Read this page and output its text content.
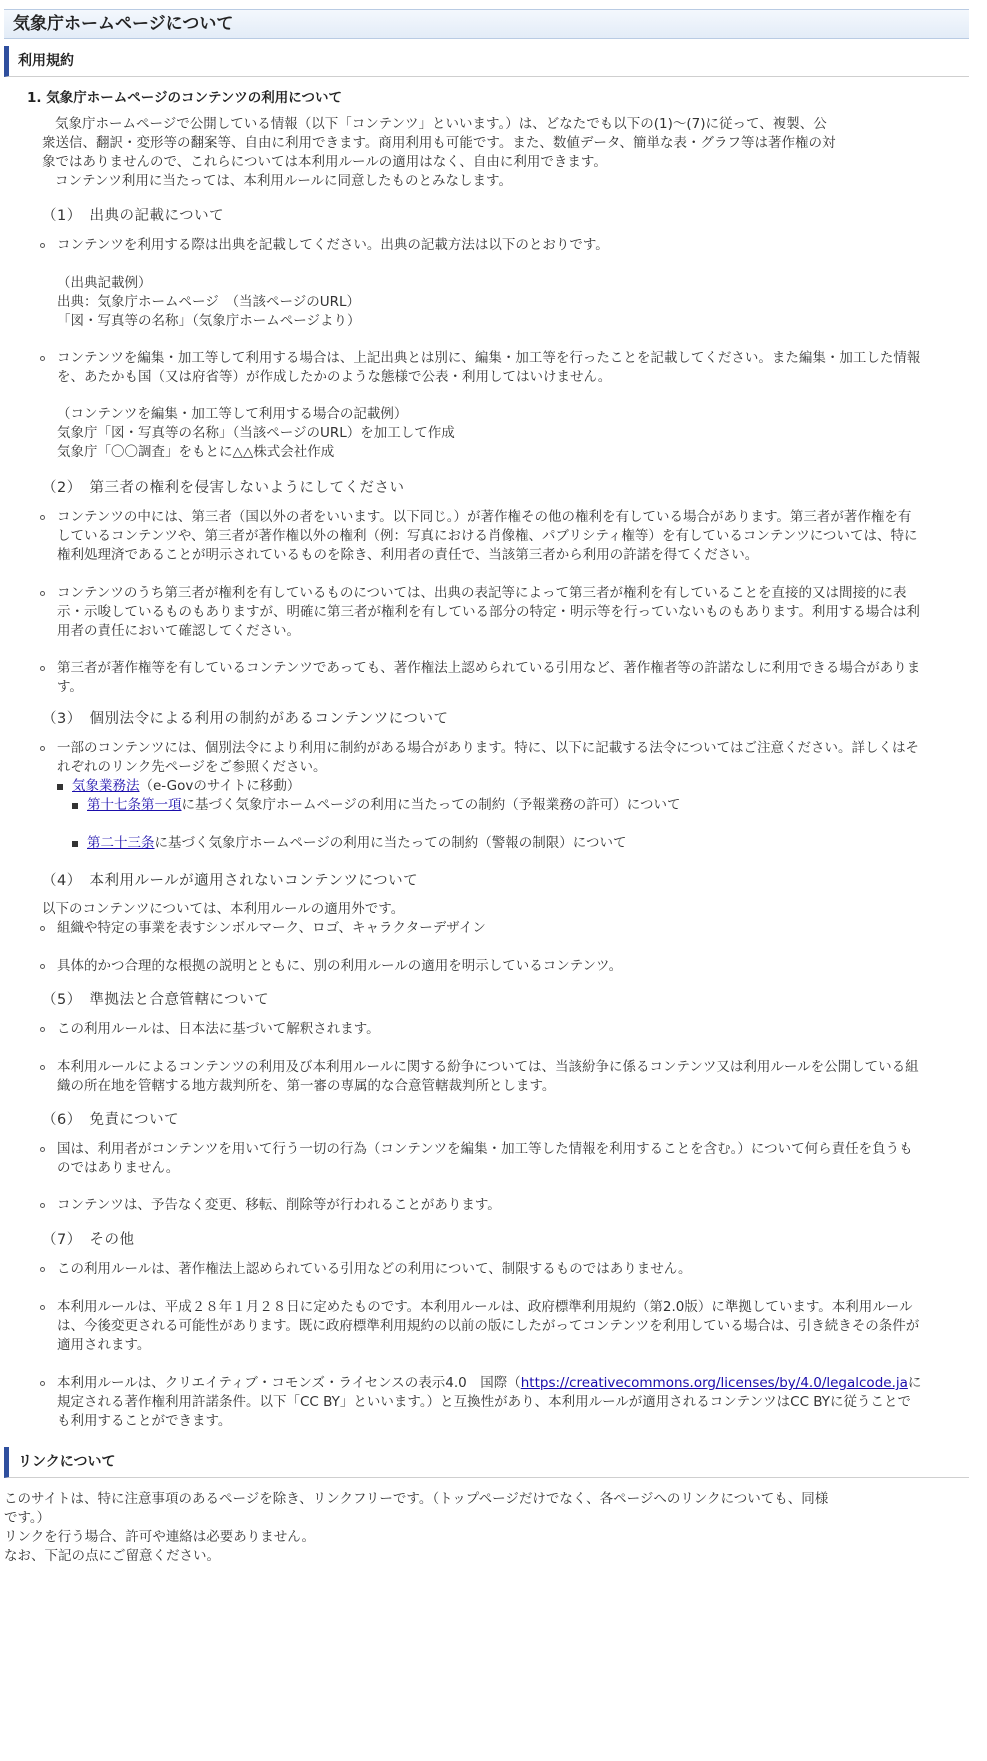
気象庁ホームページについて
利用規約
1. 気象庁ホームページのコンテンツの利用について
気象庁ホームページで公開している情報（以下「コンテンツ」といいます。）は、どなたでも以下の(1)〜(7)に従って、複製、公
衆送信、翻訳・変形等の翻案等、自由に利用できます。商用利用も可能です。また、数値データ、簡単な表・グラフ等は著作権の対
象ではありませんので、これらについては本利用ルールの適用はなく、自由に利用できます。
コンテンツ利用に当たっては、本利用ルールに同意したものとみなします。
（1）　出典の記載について
コンテンツを利用する際は出典を記載してください。出典の記載方法は以下のとおりです。
（出典記載例）
出典：気象庁ホームページ　（当該ページのURL）
「図・写真等の名称」（気象庁ホームページより）
コンテンツを編集・加工等して利用する場合は、上記出典とは別に、編集・加工等を行ったことを記載してください。また編集・加工した情報
を、あたかも国（又は府省等）が作成したかのような態様で公表・利用してはいけません。
（コンテンツを編集・加工等して利用する場合の記載例）
気象庁「図・写真等の名称」（当該ページのURL）を加工して作成
気象庁「〇〇調査」をもとに△△株式会社作成
（2）　第三者の権利を侵害しないようにしてください
コンテンツの中には、第三者（国以外の者をいいます。以下同じ。）が著作権その他の権利を有している場合があります。第三者が著作権を有
しているコンテンツや、第三者が著作権以外の権利（例：写真における肖像権、パブリシティ権等）を有しているコンテンツについては、特に
権利処理済であることが明示されているものを除き、利用者の責任で、当該第三者から利用の許諾を得てください。
コンテンツのうち第三者が権利を有しているものについては、出典の表記等によって第三者が権利を有していることを直接的又は間接的に表
示・示唆しているものもありますが、明確に第三者が権利を有している部分の特定・明示等を行っていないものもあります。利用する場合は利
用者の責任において確認してください。
第三者が著作権等を有しているコンテンツであっても、著作権法上認められている引用など、著作権者等の許諾なしに利用できる場合がありま
す。
（3）　個別法令による利用の制約があるコンテンツについて
一部のコンテンツには、個別法令により利用に制約がある場合があります。特に、以下に記載する法令についてはご注意ください。詳しくはそ
れぞれのリンク先ページをご参照ください。
気象業務法（e-Govのサイトに移動）
第十七条第一項に基づく気象庁ホームページの利用に当たっての制約（予報業務の許可）について
第二十三条に基づく気象庁ホームページの利用に当たっての制約（警報の制限）について
（4）　本利用ルールが適用されないコンテンツについて
以下のコンテンツについては、本利用ルールの適用外です。
組織や特定の事業を表すシンボルマーク、ロゴ、キャラクターデザイン
具体的かつ合理的な根拠の説明とともに、別の利用ルールの適用を明示しているコンテンツ。
（5）　準拠法と合意管轄について
この利用ルールは、日本法に基づいて解釈されます。
本利用ルールによるコンテンツの利用及び本利用ルールに関する紛争については、当該紛争に係るコンテンツ又は利用ルールを公開している組
織の所在地を管轄する地方裁判所を、第一審の専属的な合意管轄裁判所とします。
（6）　免責について
国は、利用者がコンテンツを用いて行う一切の行為（コンテンツを編集・加工等した情報を利用することを含む。）について何ら責任を負うも
のではありません。
コンテンツは、予告なく変更、移転、削除等が行われることがあります。
（7）　その他
この利用ルールは、著作権法上認められている引用などの利用について、制限するものではありません。
本利用ルールは、平成２８年１月２８日に定めたものです。本利用ルールは、政府標準利用規約（第2.0版）に準拠しています。本利用ルール
は、今後変更される可能性があります。既に政府標準利用規約の以前の版にしたがってコンテンツを利用している場合は、引き続きその条件が
適用されます。
本利用ルールは、クリエイティブ・コモンズ・ライセンスの表示4.0　国際（https://creativecommons.org/licenses/by/4.0/legalcode.jaに
規定される著作権利用許諾条件。以下「CC BY」といいます。）と互換性があり、本利用ルールが適用されるコンテンツはCC BYに従うことで
も利用することができます。
リンクについて
このサイトは、特に注意事項のあるページを除き、リンクフリーです。（トップページだけでなく、各ページへのリンクについても、同様
です。）
リンクを行う場合、許可や連絡は必要ありません。
なお、下記の点にご留意ください。
